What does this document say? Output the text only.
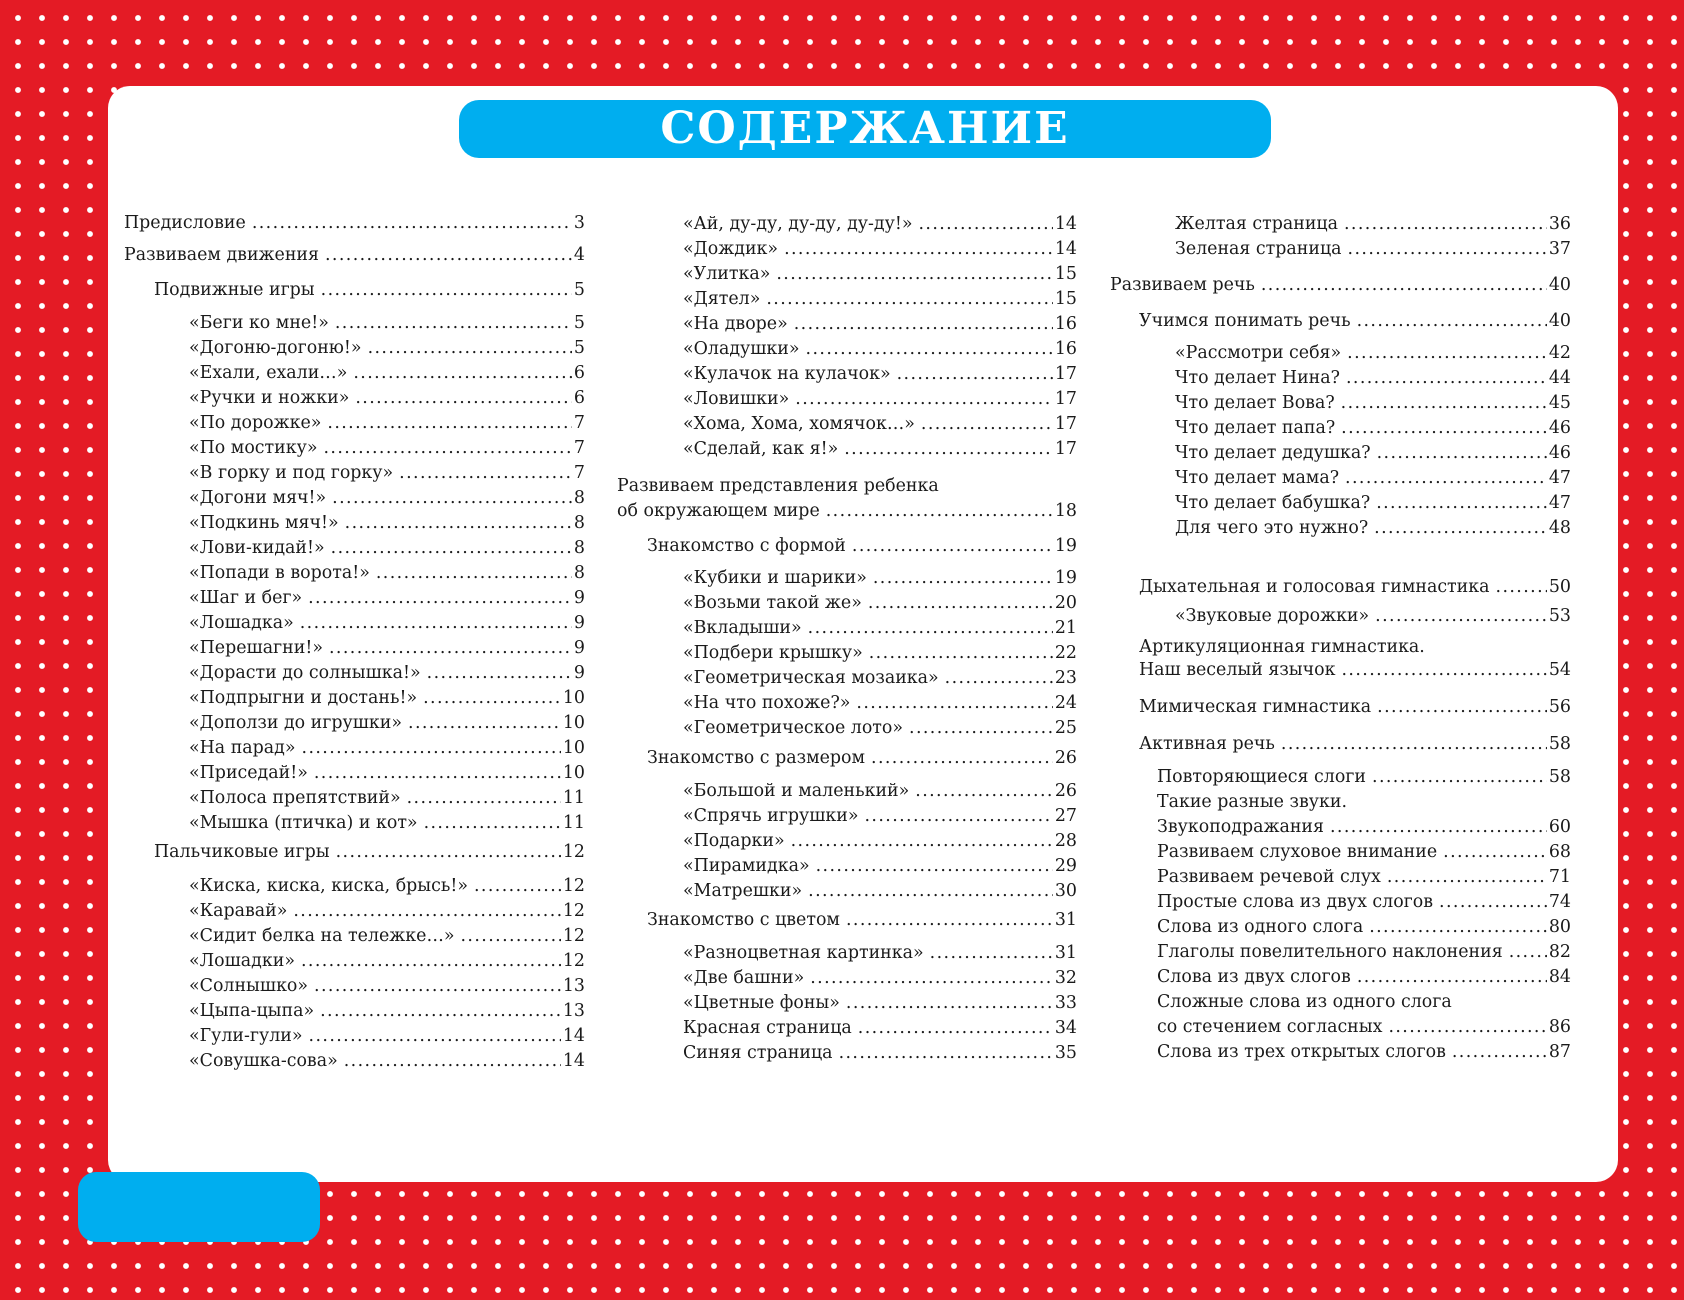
СОДЕРЖАНИЕ
Предисловие .....	3
Развиваем движения .....	4
Подвижные игры .....	5
«Беги ко мне!» .....	5
«Догоню-догоню!» .....	5
«Ехали, ехали…» .....	6
«Ручки и ножки» .....	6
«По дорожке» .....	7
«По мостику» .....	7
«В горку и под горку» .....	7
«Догони мяч!» .....	8
«Подкинь мяч!» .....	8
«Лови-кидай!» .....	8
«Попади в ворота!» .....	8
«Шаг и бег» .....	9
«Лошадка» .....	9
«Перешагни!» .....	9
«Дорасти до солнышка!» .....	9
«Подпрыгни и достань!» .....	10
«Доползи до игрушки» .....	10
«На парад» .....	10
«Приседай!» .....	10
«Полоса препятствий» .....	11
«Мышка (птичка) и кот» .....	11
Пальчиковые игры .....	12
«Киска, киска, киска, брысь!» .....	12
«Каравай» .....	12
«Сидит белка на тележке…» .....	12
«Лошадки» .....	12
«Солнышко» .....	13
«Цыпа-цыпа» .....	13
«Гули-гули» .....	14
«Совушка-сова» .....	14
«Ай, ду-ду, ду-ду, ду-ду!» .....	14
«Дождик» .....	14
«Улитка» .....	15
«Дятел» .....	15
«На дворе» .....	16
«Оладушки» .....	16
«Кулачок на кулачок» .....	17
«Ловишки» .....	17
«Хома, Хома, хомячок…» .....	17
«Сделай, как я!» .....	17
Развиваем представления ребенка
об окружающем мире .....	18
Знакомство с формой .....	19
«Кубики и шарики» .....	19
«Возьми такой же» .....	20
«Вкладыши» .....	21
«Подбери крышку» .....	22
«Геометрическая мозаика» .....	23
«На что похоже?» .....	24
«Геометрическое лото» .....	25
Знакомство с размером .....	26
«Большой и маленький» .....	26
«Спрячь игрушки» .....	27
«Подарки» .....	28
«Пирамидка» .....	29
«Матрешки» .....	30
Знакомство с цветом .....	31
«Разноцветная картинка» .....	31
«Две башни» .....	32
«Цветные фоны» .....	33
Красная страница .....	34
Синяя страница .....	35
Желтая страница .....	36
Зеленая страница .....	37
Развиваем речь .....	40
Учимся понимать речь .....	40
«Рассмотри себя» .....	42
Что делает Нина? .....	44
Что делает Вова? .....	45
Что делает папа? .....	46
Что делает дедушка? .....	46
Что делает мама? .....	47
Что делает бабушка? .....	47
Для чего это нужно? .....	48
Дыхательная и голосовая гимнастика .....	50
«Звуковые дорожки» .....	53
Артикуляционная гимнастика.
Наш веселый язычок .....	54
Мимическая гимнастика .....	56
Активная речь .....	58
Повторяющиеся слоги .....	58
Такие разные звуки.
Звукоподражания .....	60
Развиваем слуховое внимание .....	68
Развиваем речевой слух .....	71
Простые слова из двух слогов .....	74
Слова из одного слога .....	80
Глаголы повелительного наклонения .....	82
Слова из двух слогов .....	84
Сложные слова из одного слога
со стечением согласных .....	86
Слова из трех открытых слогов .....	87
